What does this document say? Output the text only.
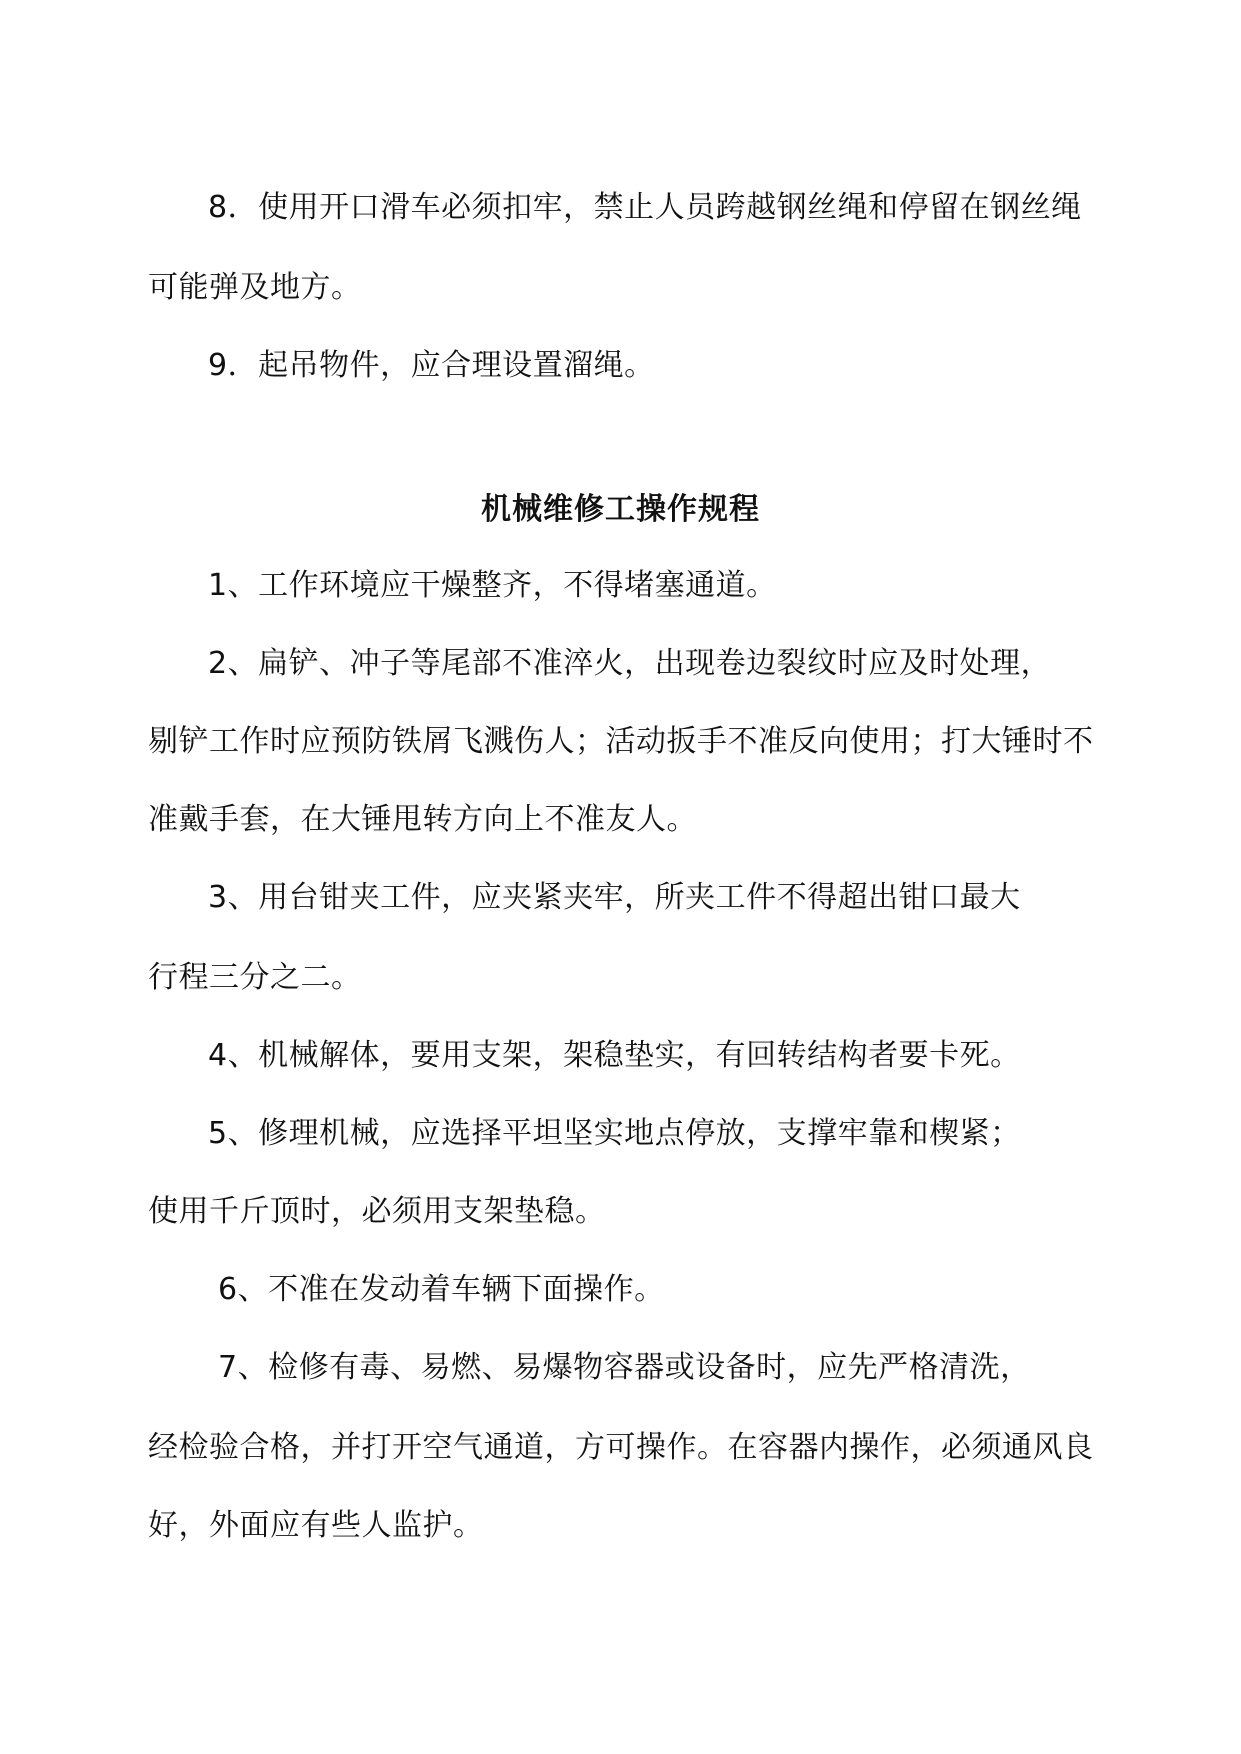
8．使用开口滑车必须扣牢，禁止人员跨越钢丝绳和停留在钢丝绳
可能弹及地方。
9．起吊物件，应合理设置溜绳。
机械维修工操作规程
1、工作环境应干燥整齐，不得堵塞通道。
2、扁铲、冲子等尾部不准淬火，出现卷边裂纹时应及时处理，
剔铲工作时应预防铁屑飞溅伤人；活动扳手不准反向使用；打大锤时不
准戴手套，在大锤甩转方向上不准友人。
3、用台钳夹工件，应夹紧夹牢，所夹工件不得超出钳口最大
行程三分之二。
4、机械解体，要用支架，架稳垫实，有回转结构者要卡死。
5、修理机械，应选择平坦坚实地点停放，支撑牢靠和楔紧；
使用千斤顶时，必须用支架垫稳。
6、不准在发动着车辆下面操作。
7、检修有毒、易燃、易爆物容器或设备时，应先严格清洗，
经检验合格，并打开空气通道，方可操作。在容器内操作，必须通风良
好，外面应有些人监护。
